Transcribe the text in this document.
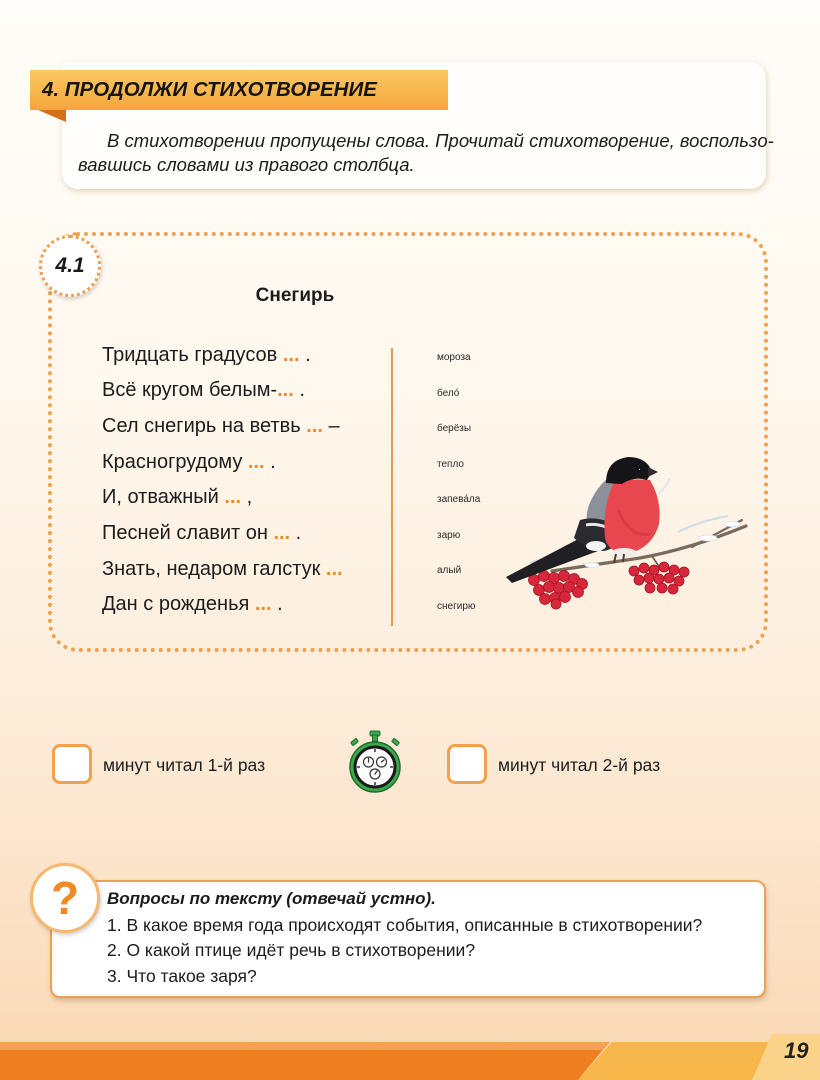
4. ПРОДОЛЖИ СТИХОТВОРЕНИЕ
В стихотворении пропущены слова. Прочитай стихотворение, воспользо-
вавшись словами из правого столбца.
4.1
Снегирь
Тридцать градусов ... .
Всё кругом белым-... .
Сел снегирь на ветвь ... –
Красногрудому ... .
И, отважный ... ,
Песней славит он ... .
Знать, недаром галстук ...
Дан с рожденья ... .
мороза
бело́
берёзы
тепло
запева́ла
зарю
алый
снегирю
минут читал 1-й раз	минут читал 2-й раз
? Вопросы по тексту (отвечай устно).
1. В какое время года происходят события, описанные в стихотворении?
2. О какой птице идёт речь в стихотворении?
3. Что такое заря?
19
